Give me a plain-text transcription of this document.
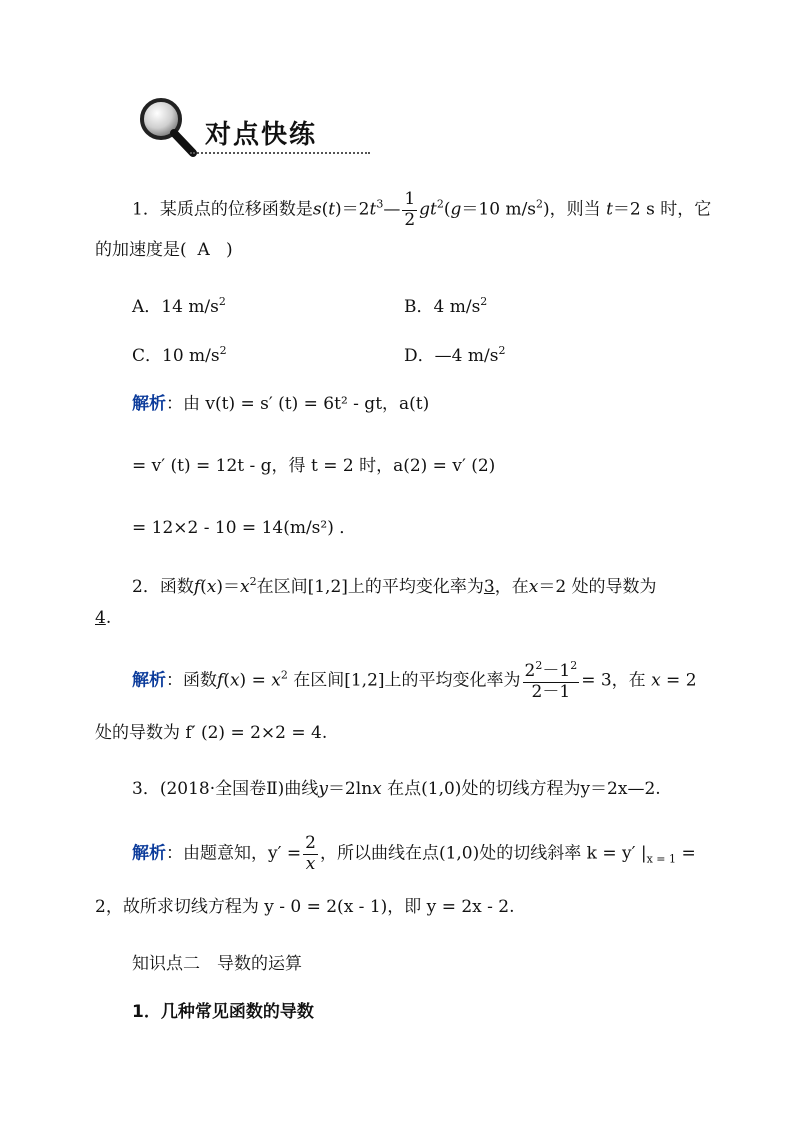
对点快练
1．某质点的位移函数是$s(t)=2t^3— \frac{1}{2} gt^2(g=10$ $m/s^2$)，则当 t＝2 s 时，它
的加速度是( A )
A．14 $m/s^2$	B．4 $m/s^2$
C．10 $m/s^2$	D．—4 $m/s^2$
解析：由 v(t) = s′ (t) = 6t² - gt，a(t)
= v′ (t) = 12t - g，得 t = 2 时，a(2) = v′ (2)
= 12×2 - 10 = 14(m/s²) ．
2．函数$f(x)=x^2$在区间[1,2]上的平均变化率为3，在x＝2 处的导数为
4.
解析：函数$f(x) = x^2$ 在区间[1,2]上的平均变化率为 $\frac{2^2-1^2}{2-1} = 3$，在 x = 2
处的导数为 f′ (2) = 2×2 = 4.
3．(2018·全国卷Ⅱ)曲线y＝2lnx 在点(1,0)处的切线方程为y＝2x—2.
解析：由题意知，$y' = \frac{2}{x}$ ，所以曲线在点(1,0)处的切线斜率 k = y′ $|_{x = 1}$ =
2，故所求切线方程为 y - 0 = 2(x - 1)，即 y = 2x - 2.
知识点二　导数的运算
1．几种常见函数的导数
